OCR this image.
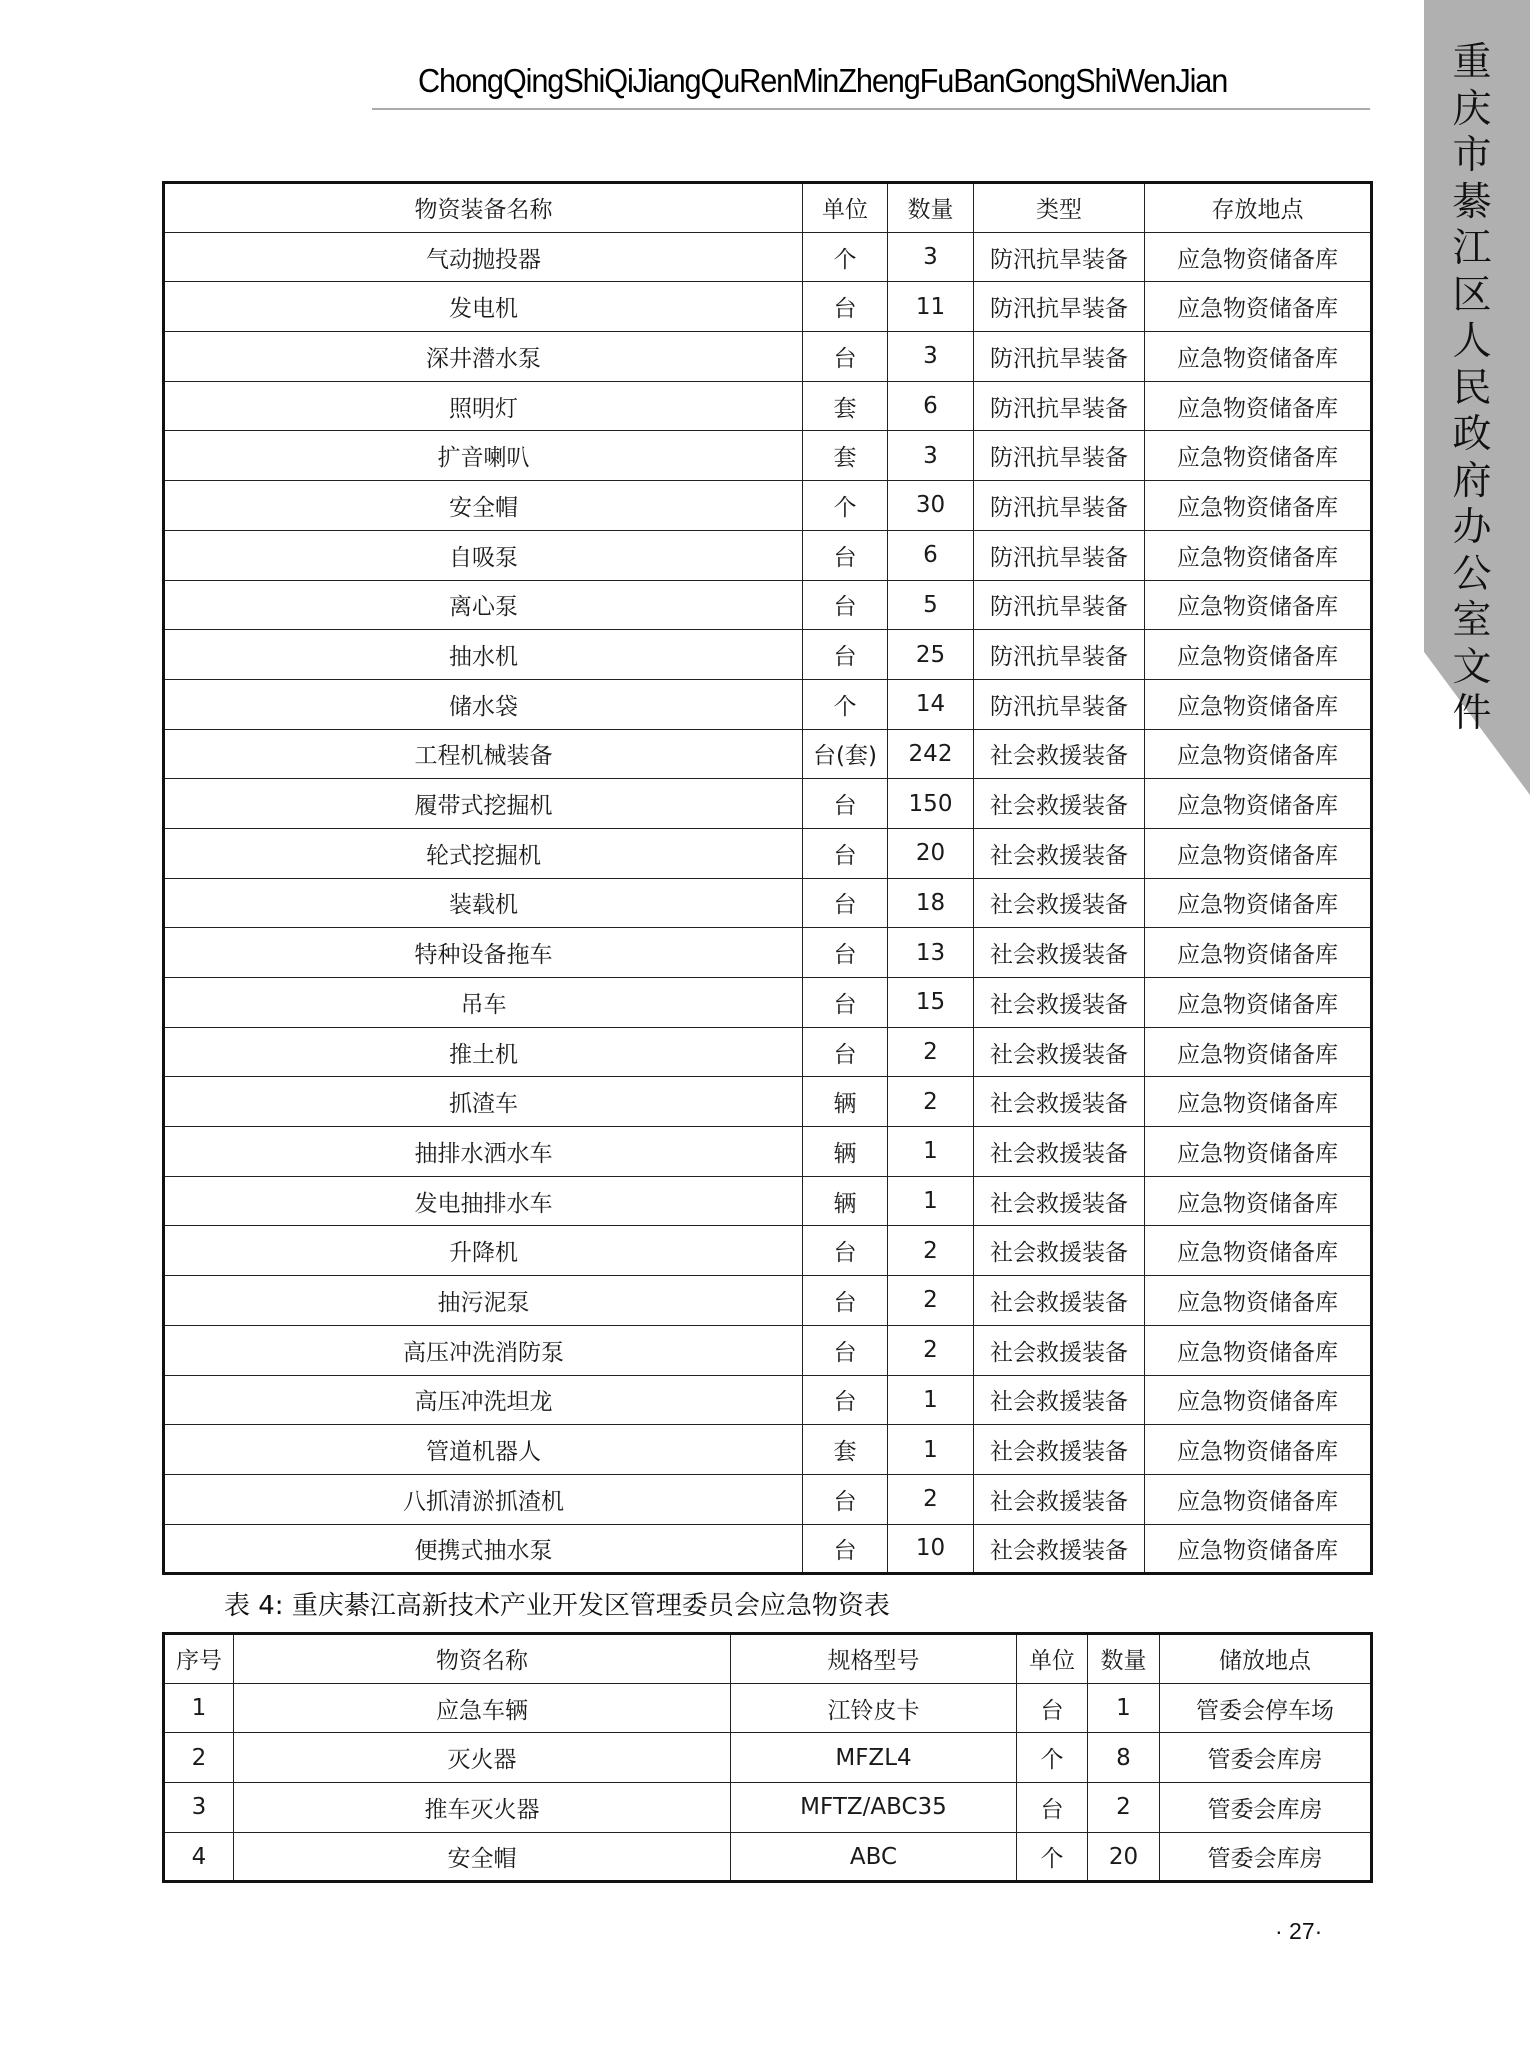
ChongQingShiQiJiangQuRenMinZhengFuBanGongShiWenJian	重庆市綦江区人民政府办公室文件
物资装备名称	单位	数量	类型	存放地点
气动抛投器	个	3	防汛抗旱装备	应急物资储备库
发电机	台	11	防汛抗旱装备	应急物资储备库
深井潜水泵	台	3	防汛抗旱装备	应急物资储备库
照明灯	套	6	防汛抗旱装备	应急物资储备库
扩音喇叭	套	3	防汛抗旱装备	应急物资储备库
安全帽	个	30	防汛抗旱装备	应急物资储备库
自吸泵	台	6	防汛抗旱装备	应急物资储备库
离心泵	台	5	防汛抗旱装备	应急物资储备库
抽水机	台	25	防汛抗旱装备	应急物资储备库
储水袋	个	14	防汛抗旱装备	应急物资储备库
工程机械装备	台(套)	242	社会救援装备	应急物资储备库
履带式挖掘机	台	150	社会救援装备	应急物资储备库
轮式挖掘机	台	20	社会救援装备	应急物资储备库
装载机	台	18	社会救援装备	应急物资储备库
特种设备拖车	台	13	社会救援装备	应急物资储备库
吊车	台	15	社会救援装备	应急物资储备库
推土机	台	2	社会救援装备	应急物资储备库
抓渣车	辆	2	社会救援装备	应急物资储备库
抽排水洒水车	辆	1	社会救援装备	应急物资储备库
发电抽排水车	辆	1	社会救援装备	应急物资储备库
升降机	台	2	社会救援装备	应急物资储备库
抽污泥泵	台	2	社会救援装备	应急物资储备库
高压冲洗消防泵	台	2	社会救援装备	应急物资储备库
高压冲洗坦龙	台	1	社会救援装备	应急物资储备库
管道机器人	套	1	社会救援装备	应急物资储备库
八抓清淤抓渣机	台	2	社会救援装备	应急物资储备库
便携式抽水泵	台	10	社会救援装备	应急物资储备库
表 4: 重庆綦江高新技术产业开发区管理委员会应急物资表
序号	物资名称	规格型号	单位	数量	储放地点
1	应急车辆	江铃皮卡	台	1	管委会停车场
2	灭火器	MFZL4	个	8	管委会库房
3	推车灭火器	MFTZ/ABC35	台	2	管委会库房
4	安全帽	ABC	个	20	管委会库房
· 27·
